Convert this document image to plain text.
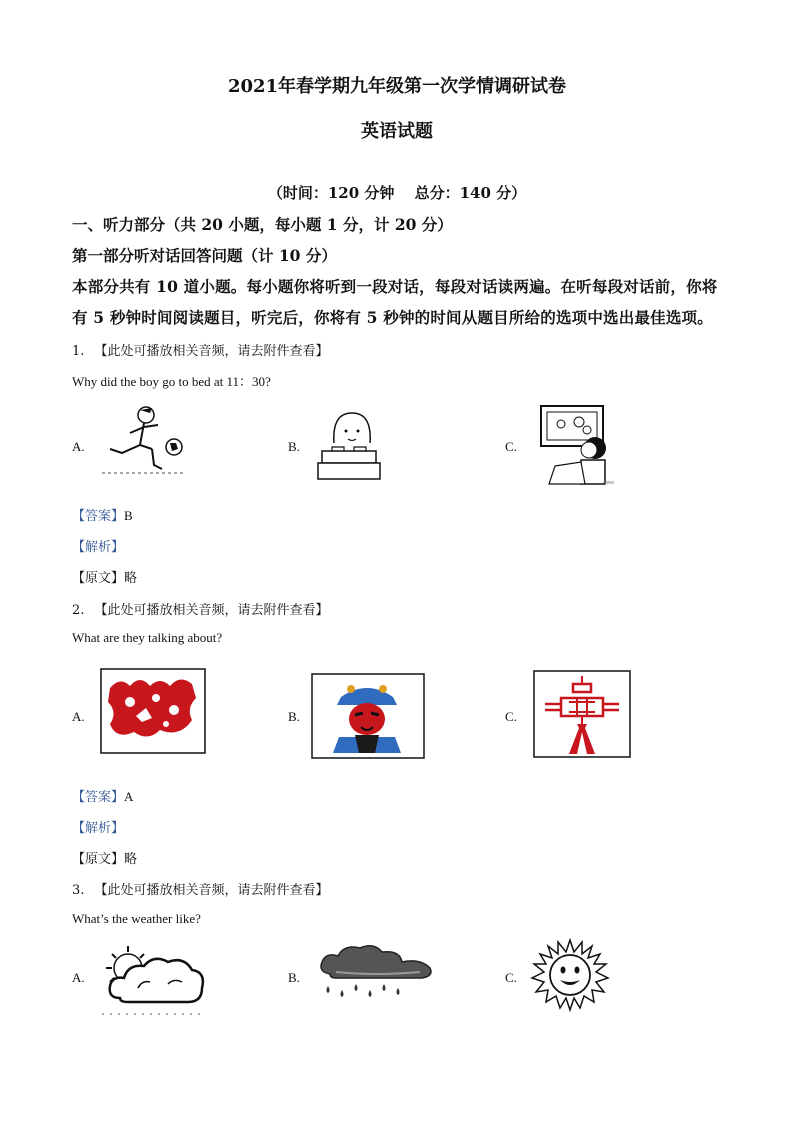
2021年春学期九年级第一次学情调研试卷
英语试题
（时间：120 分钟　 总分：140 分）
一、听力部分（共 20 小题，每小题 1 分，计 20 分）
第一部分听对话回答问题（计 10 分）
本部分共有 10 道小题。每小题你将听到一段对话，每段对话读两遍。在听每段对话前，你将
有 5 秒钟时间阅读题目，听完后，你将有 5 秒钟的时间从题目所给的选项中选出最佳选项。
1. 【此处可播放相关音频，请去附件查看】
Why did the boy go to bed at 11：30?
A.	B.	C.
www
【答案】B
【解析】
【原文】略
2. 【此处可播放相关音频，请去附件查看】
What are they talking about?
A.	B.	C.
【答案】A
【解析】
【原文】略
3. 【此处可播放相关音频，请去附件查看】
What’s the weather like?
A.	B.	C.
